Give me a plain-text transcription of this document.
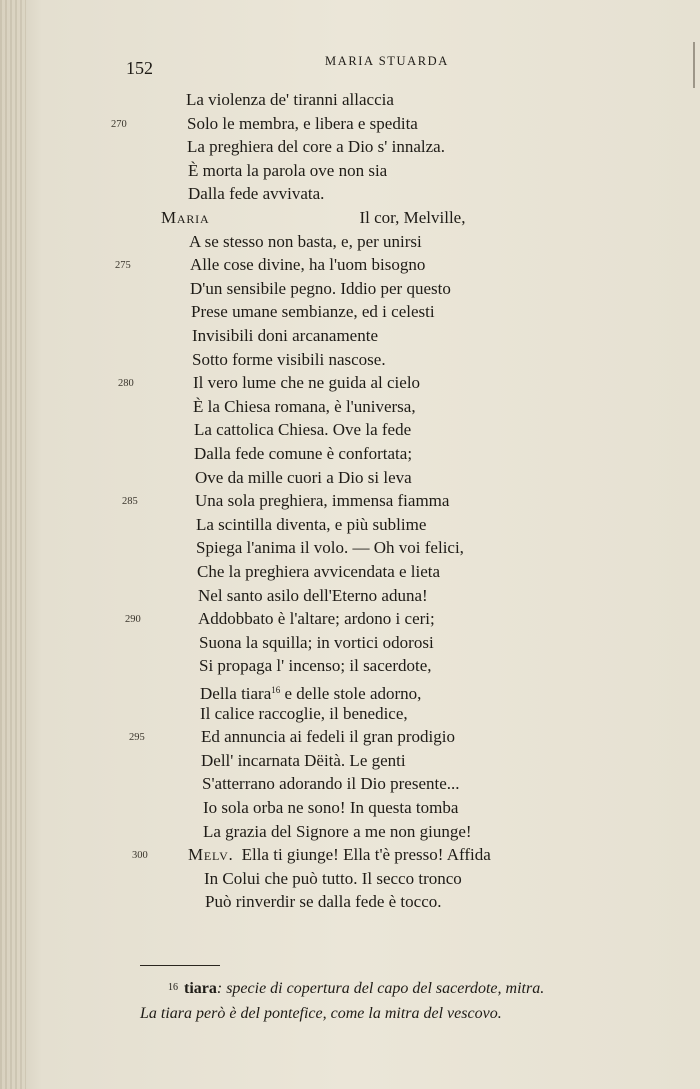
152	MARIA STUARDA
La violenza de' tiranni allaccia
Solo le membra, e libera e spedita
270
La preghiera del core a Dio s' innalza.
È morta la parola ove non sia
Dalla fede avvivata.
Maria	Il cor, Melville,
A se stesso non basta, e, per unirsi
Alle cose divine, ha l'uom bisogno
275
D'un sensibile pegno. Iddio per questo
Prese umane sembianze, ed i celesti
Invisibili doni arcanamente
Sotto forme visibili nascose.
Il vero lume che ne guida al cielo
280
È la Chiesa romana, è l'universa,
La cattolica Chiesa. Ove la fede
Dalla fede comune è confortata;
Ove da mille cuori a Dio si leva
Una sola preghiera, immensa fiamma
285
La scintilla diventa, e più sublime
Spiega l'anima il volo. — Oh voi felici,
Che la preghiera avvicendata e lieta
Nel santo asilo dell'Eterno aduna!
Addobbato è l'altare; ardono i ceri;
290
Suona la squilla; in vortici odorosi
Si propaga l' incenso; il sacerdote,
Della tiara$^{16}$ e delle stole adorno,
Il calice raccoglie, il benedice,
Ed annuncia ai fedeli il gran prodigio
295
Dell' incarnata Dëità. Le genti
S'atterrano adorando il Dio presente...
Io sola orba ne sono! In questa tomba
La grazia del Signore a me non giunge!
Melv. Ella ti giunge! Ella t'è presso! Affida
300
In Colui che può tutto. Il secco tronco
Può rinverdir se dalla fede è tocco.
16 tiara: specie di copertura del capo del sacerdote, mitra.
La tiara però è del pontefice, come la mitra del vescovo.
